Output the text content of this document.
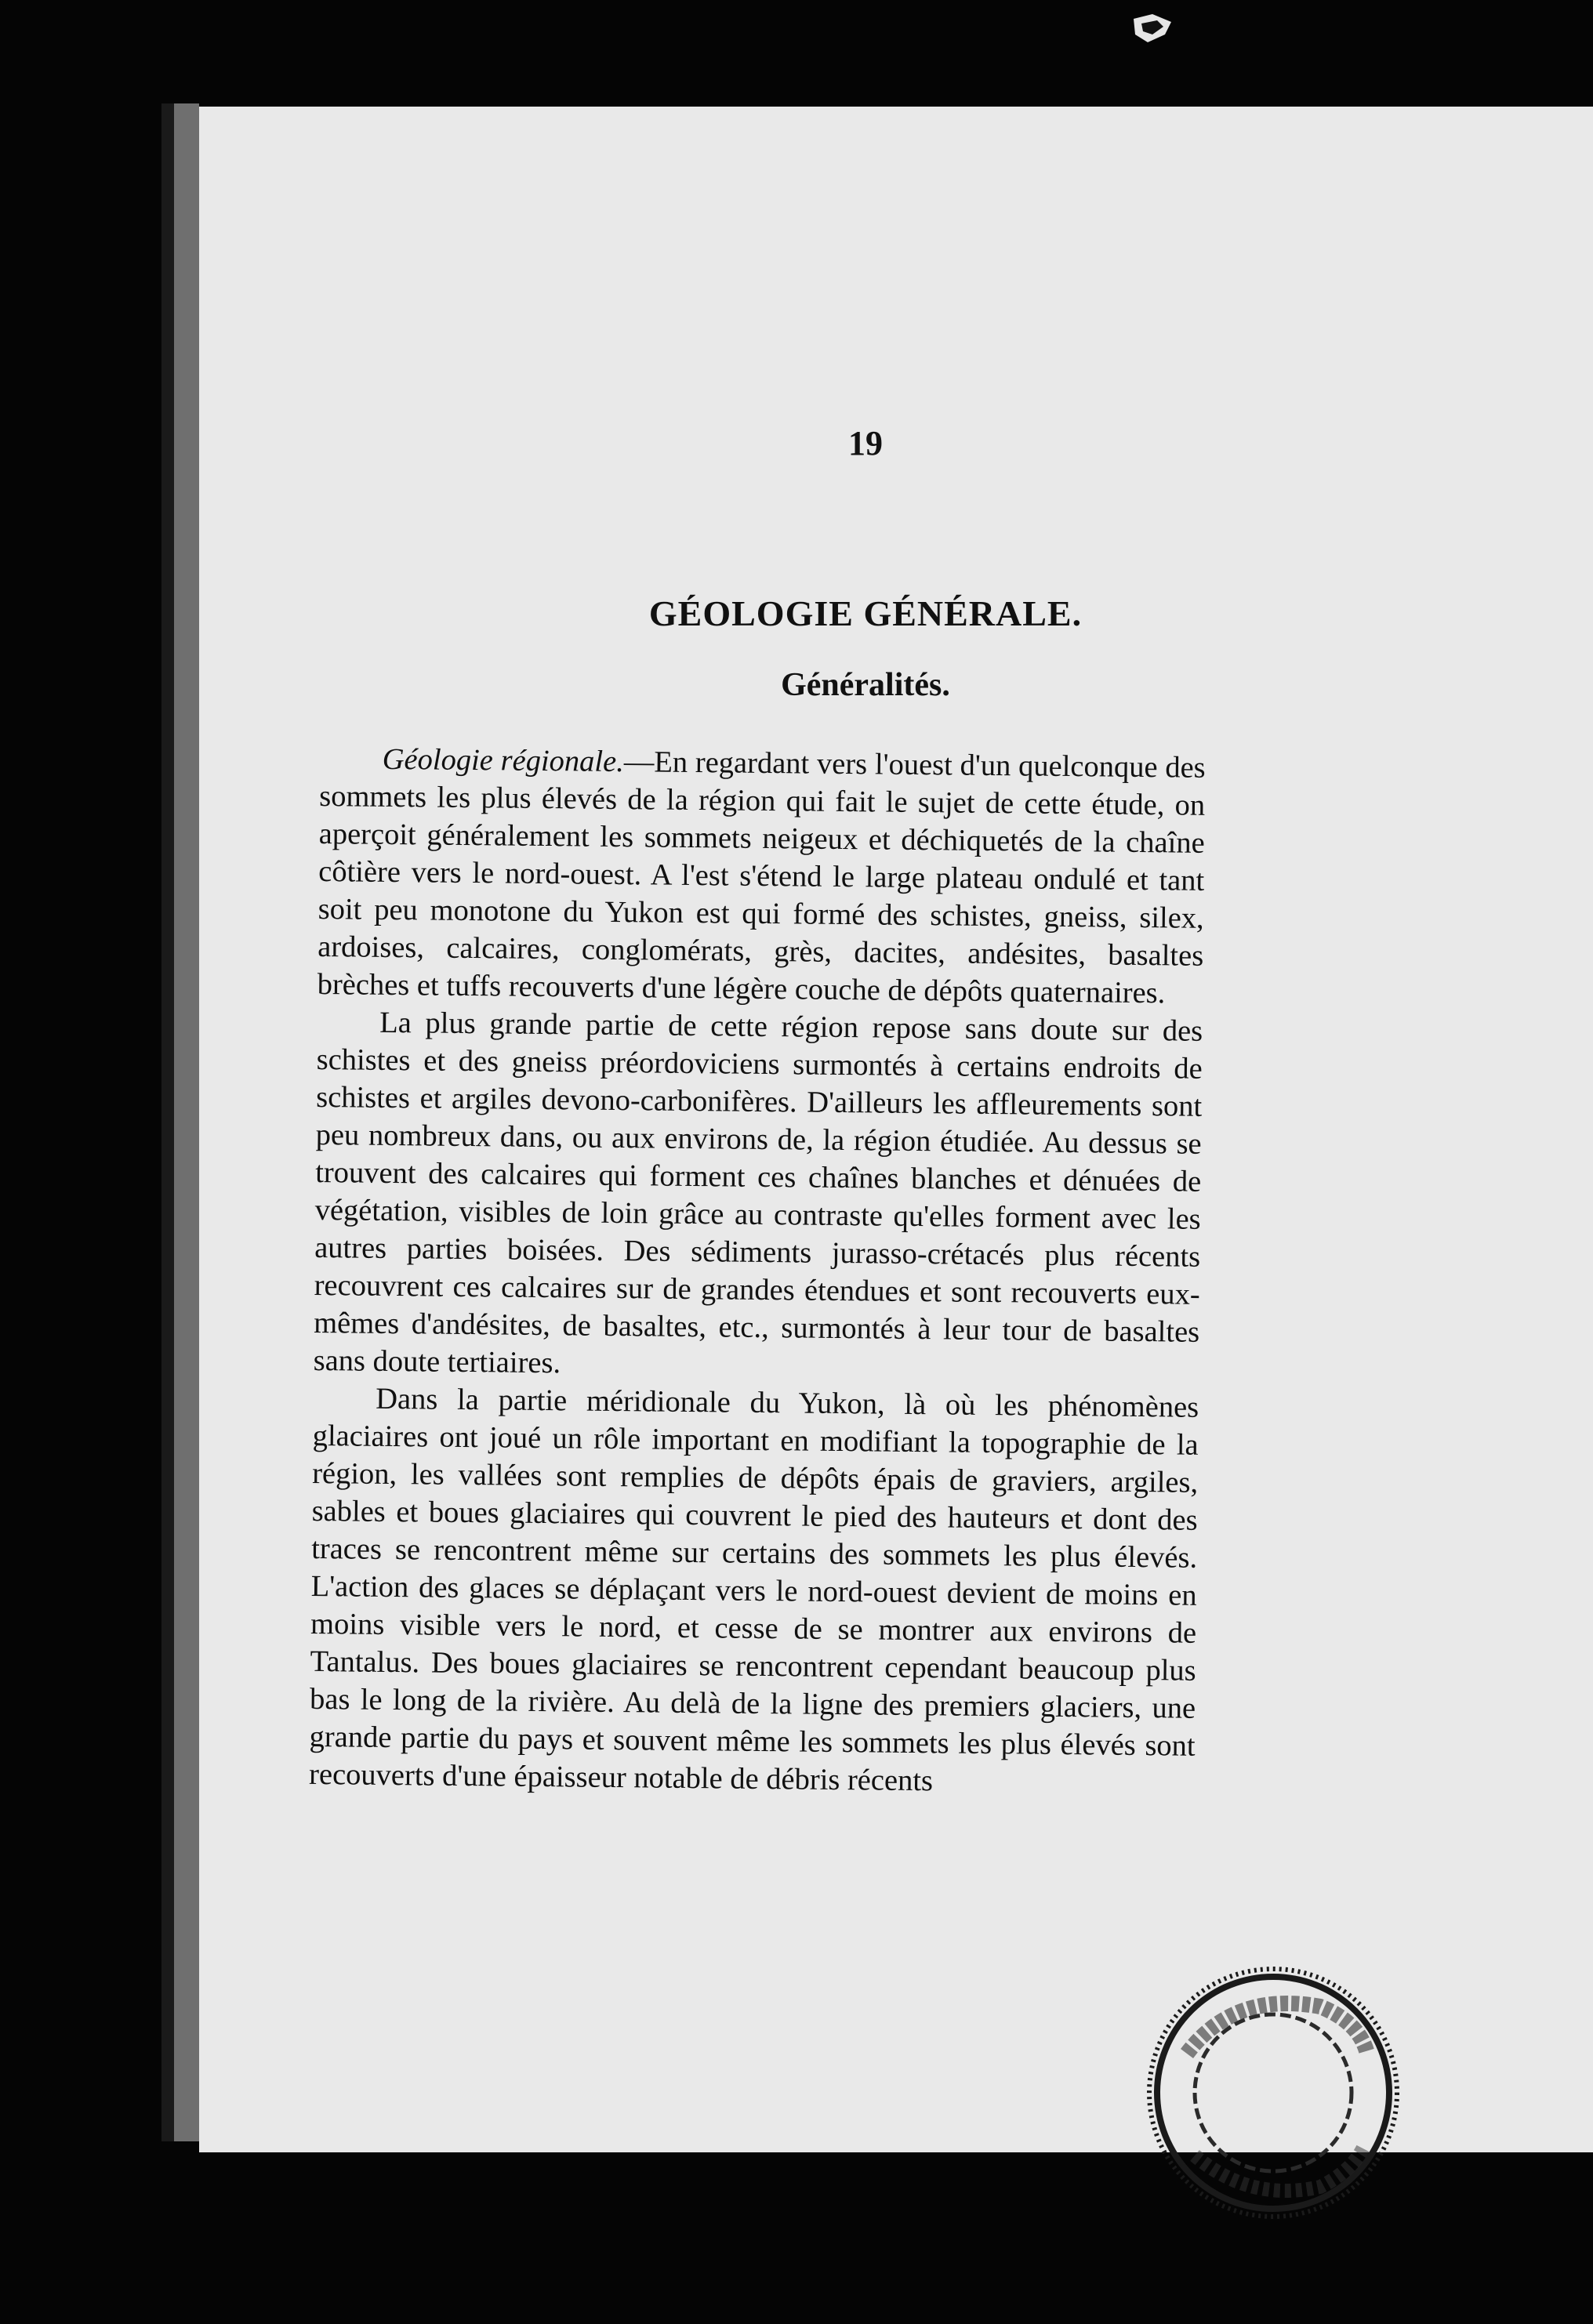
19
GÉOLOGIE GÉNÉRALE.
Généralités.

Géologie régionale.—En regardant vers l'ouest d'un quelconque des sommets les plus élevés de la région qui fait le sujet de cette étude, on aperçoit généralement les sommets neigeux et déchiquetés de la chaîne côtière vers le nord-ouest. A l'est s'étend le large plateau ondulé et tant soit peu monotone du Yukon est qui formé des schistes, gneiss, silex, ardoises, calcaires, conglomérats, grès, dacites, andésites, basaltes brèches et tuffs recouverts d'une légère couche de dépôts quaternaires.

La plus grande partie de cette région repose sans doute sur des schistes et des gneiss préordoviciens surmontés à certains endroits de schistes et argiles devono-carbonifères. D'ailleurs les affleurements sont peu nombreux dans, ou aux environs de, la région étudiée. Au dessus se trouvent des calcaires qui forment ces chaînes blanches et dénuées de végétation, visibles de loin grâce au contraste qu'elles forment avec les autres parties boisées. Des sédiments jurasso-crétacés plus récents recouvrent ces calcaires sur de grandes étendues et sont recouverts eux-mêmes d'andésites, de basaltes, etc., surmontés à leur tour de basaltes sans doute tertiaires.

Dans la partie méridionale du Yukon, là où les phénomènes glaciaires ont joué un rôle important en modifiant la topographie de la région, les vallées sont remplies de dépôts épais de graviers, argiles, sables et boues glaciaires qui couvrent le pied des hauteurs et dont des traces se rencontrent même sur certains des sommets les plus élevés. L'action des glaces se déplaçant vers le nord-ouest devient de moins en moins visible vers le nord, et cesse de se montrer aux environs de Tantalus. Des boues glaciaires se rencontrent cependant beaucoup plus bas le long de la rivière. Au delà de la ligne des premiers glaciers, une grande partie du pays et souvent même les sommets les plus élevés sont recouverts d'une épaisseur notable de débris récents
